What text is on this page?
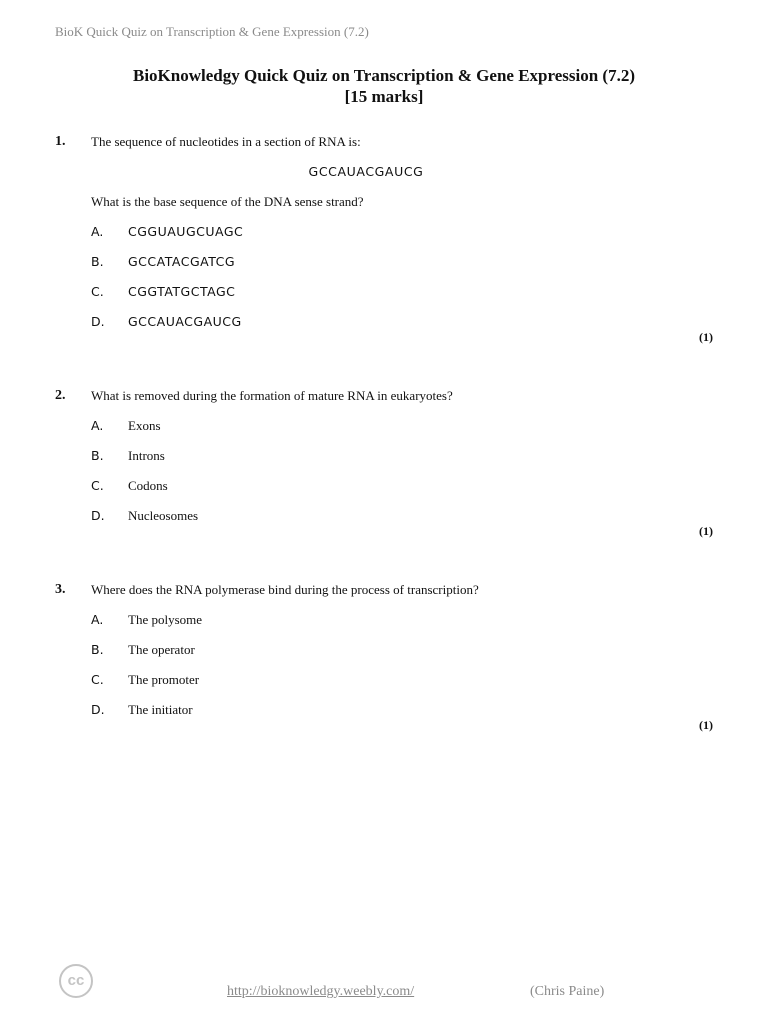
BioK Quick Quiz on Transcription & Gene Expression (7.2)
BioKnowledgy Quick Quiz on Transcription & Gene Expression (7.2)
[15 marks]
1. The sequence of nucleotides in a section of RNA is:
GCCAUACGAUCG
What is the base sequence of the DNA sense strand?
A. CGGUAUGCUAGC
B. GCCATACGATCG
C. CGGTATGCTAGC
D. GCCAUACGAUCG
(1)
2. What is removed during the formation of mature RNA in eukaryotes?
A. Exons
B. Introns
C. Codons
D. Nucleosomes
(1)
3. Where does the RNA polymerase bind during the process of transcription?
A. The polysome
B. The operator
C. The promoter
D. The initiator
(1)
cc
http://bioknowledgy.weebly.com/	(Chris Paine)
